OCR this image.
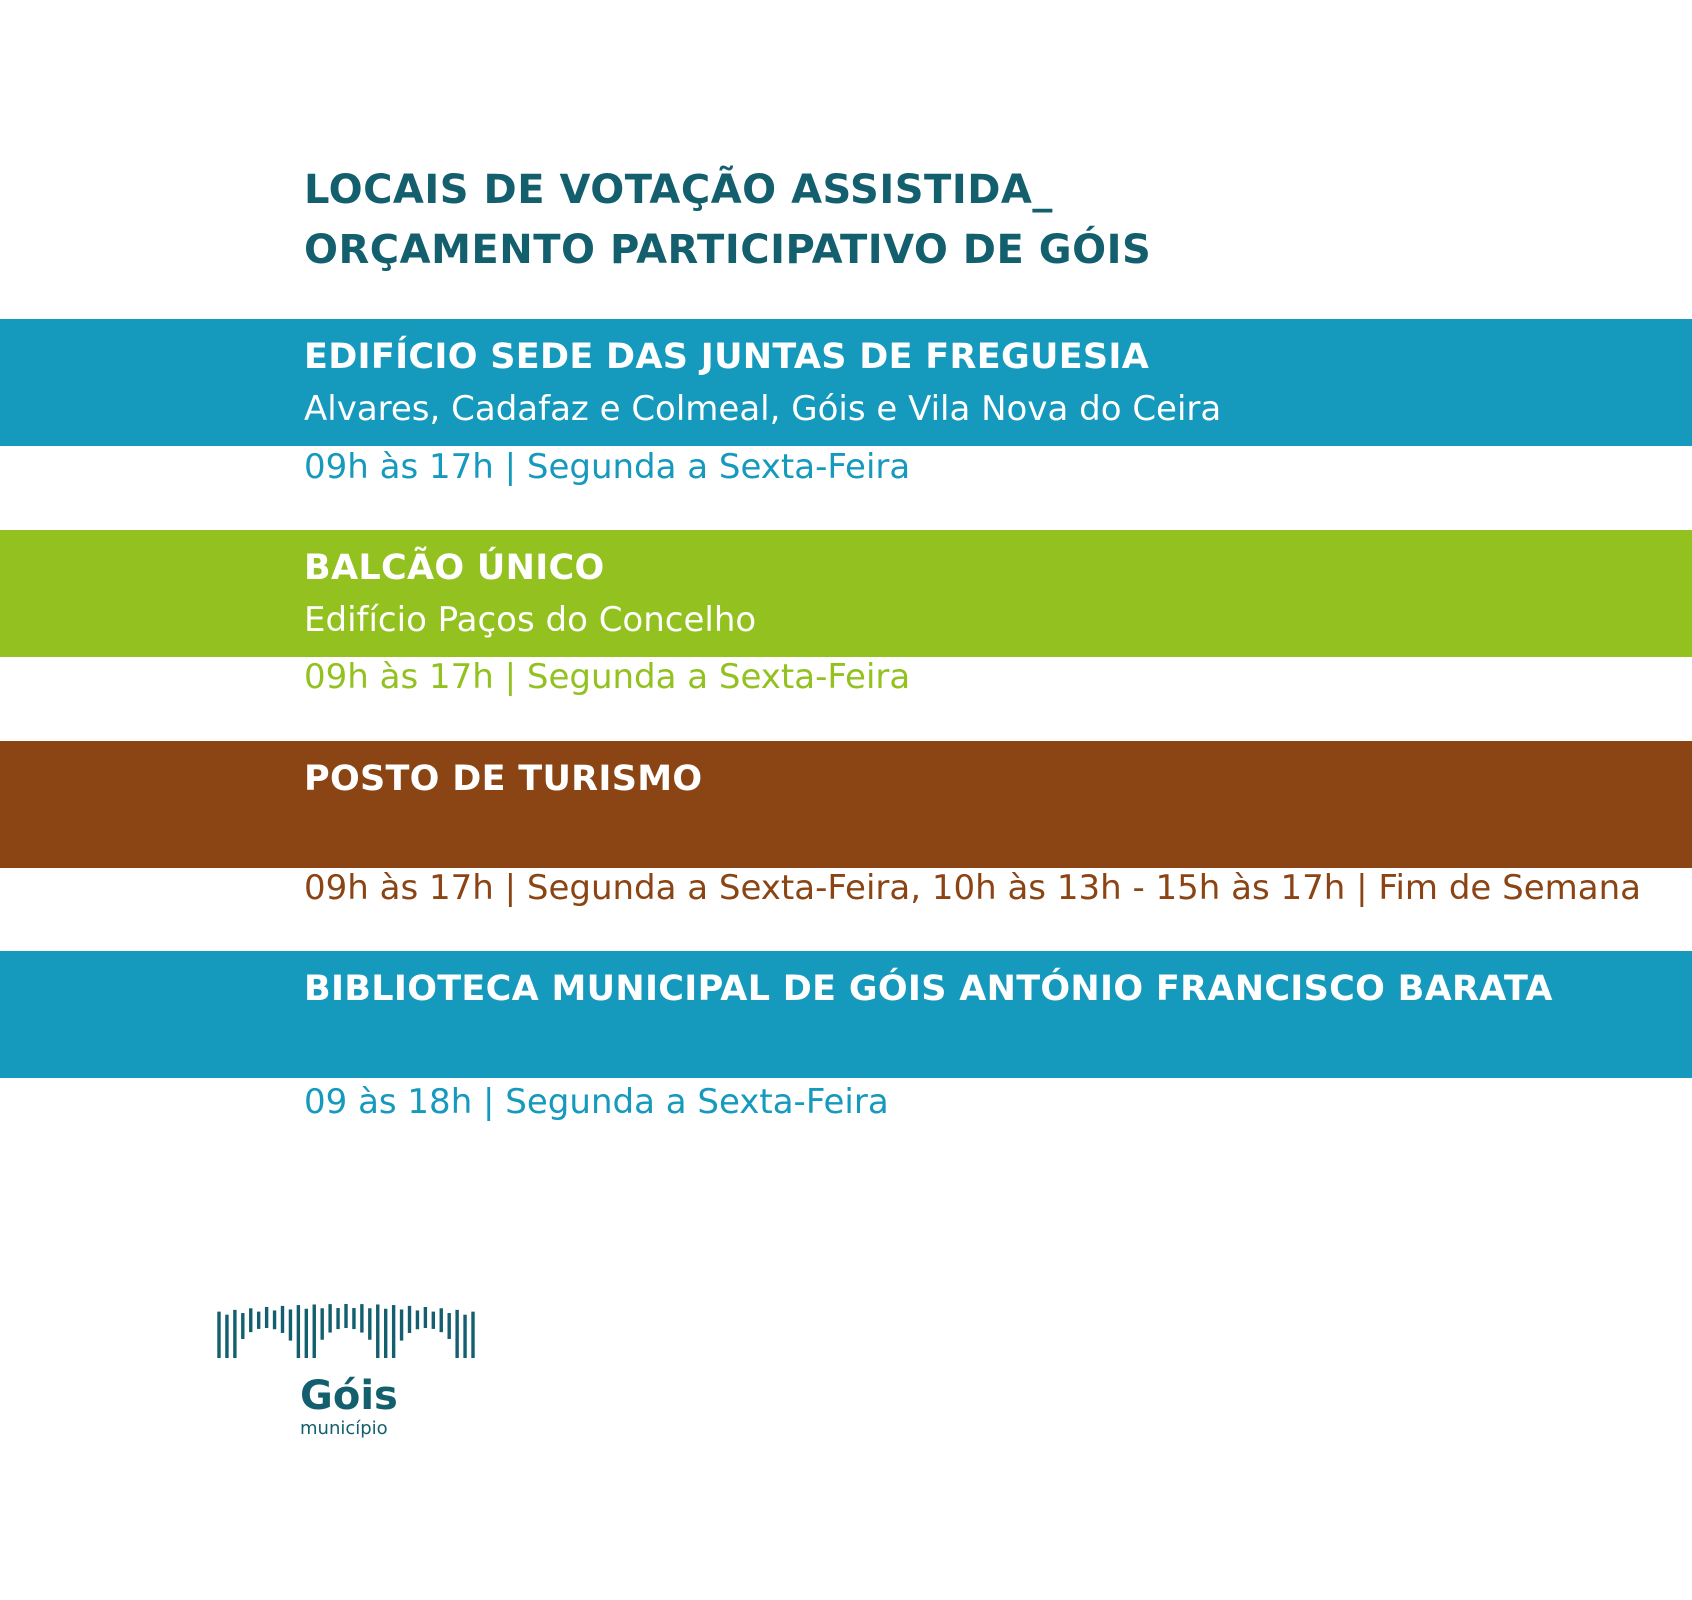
LOCAIS DE VOTAÇÃO ASSISTIDA_
ORÇAMENTO PARTICIPATIVO DE GÓIS

EDIFÍCIO SEDE DAS JUNTAS DE FREGUESIA

Alvares, Cadafaz e Colmeal, Góis e Vila Nova do Ceira

09h às 17h | Segunda a Sexta-Feira

BALCÃO ÚNICO

Edifício Paços do Concelho

09h às 17h | Segunda a Sexta-Feira

POSTO DE TURISMO

09h às 17h | Segunda a Sexta-Feira, 10h às 13h - 15h às 17h | Fim de Semana

BIBLIOTECA MUNICIPAL DE GÓIS ANTÓNIO FRANCISCO BARATA

09 às 18h | Segunda a Sexta-Feira

Góis

município
